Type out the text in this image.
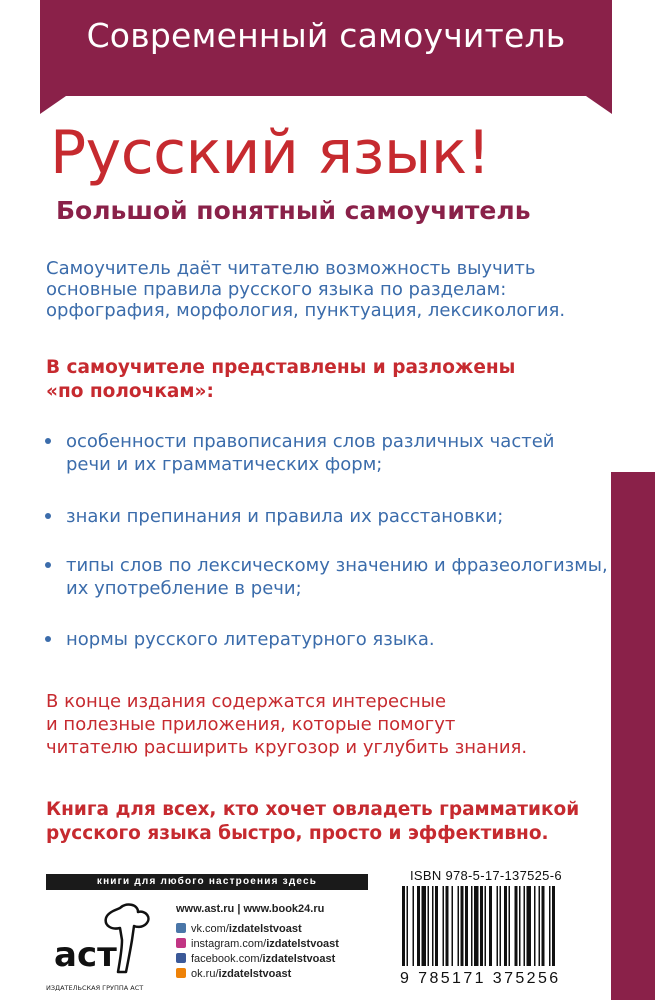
Современный самоучитель
Русский язык!
Большой понятный самоучитель
Самоучитель даёт читателю возможность выучить
основные правила русского языка по разделам:
орфография, морфология, пунктуация, лексикология.
В самоучителе представлены и разложены
«по полочкам»:
особенности правописания слов различных частей
речи и их грамматических форм;
знаки препинания и правила их расстановки;
типы слов по лексическому значению и фразеологизмы,
их употребление в речи;
нормы русского литературного языка.
В конце издания содержатся интересные
и полезные приложения, которые помогут
читателю расширить кругозор и углубить знания.
Книга для всех, кто хочет овладеть грамматикой
русского языка быстро, просто и эффективно.
книги для любого настроения здесь
аст
ИЗДАТЕЛЬСКАЯ ГРУППА АСТ
www.ast.ru | www.book24.ru
vk.com/izdatelstvoast
instagram.com/izdatelstvoast
facebook.com/izdatelstvoast
ok.ru/izdatelstvoast
ISBN 978-5-17-137525-6
9 785171 375256
